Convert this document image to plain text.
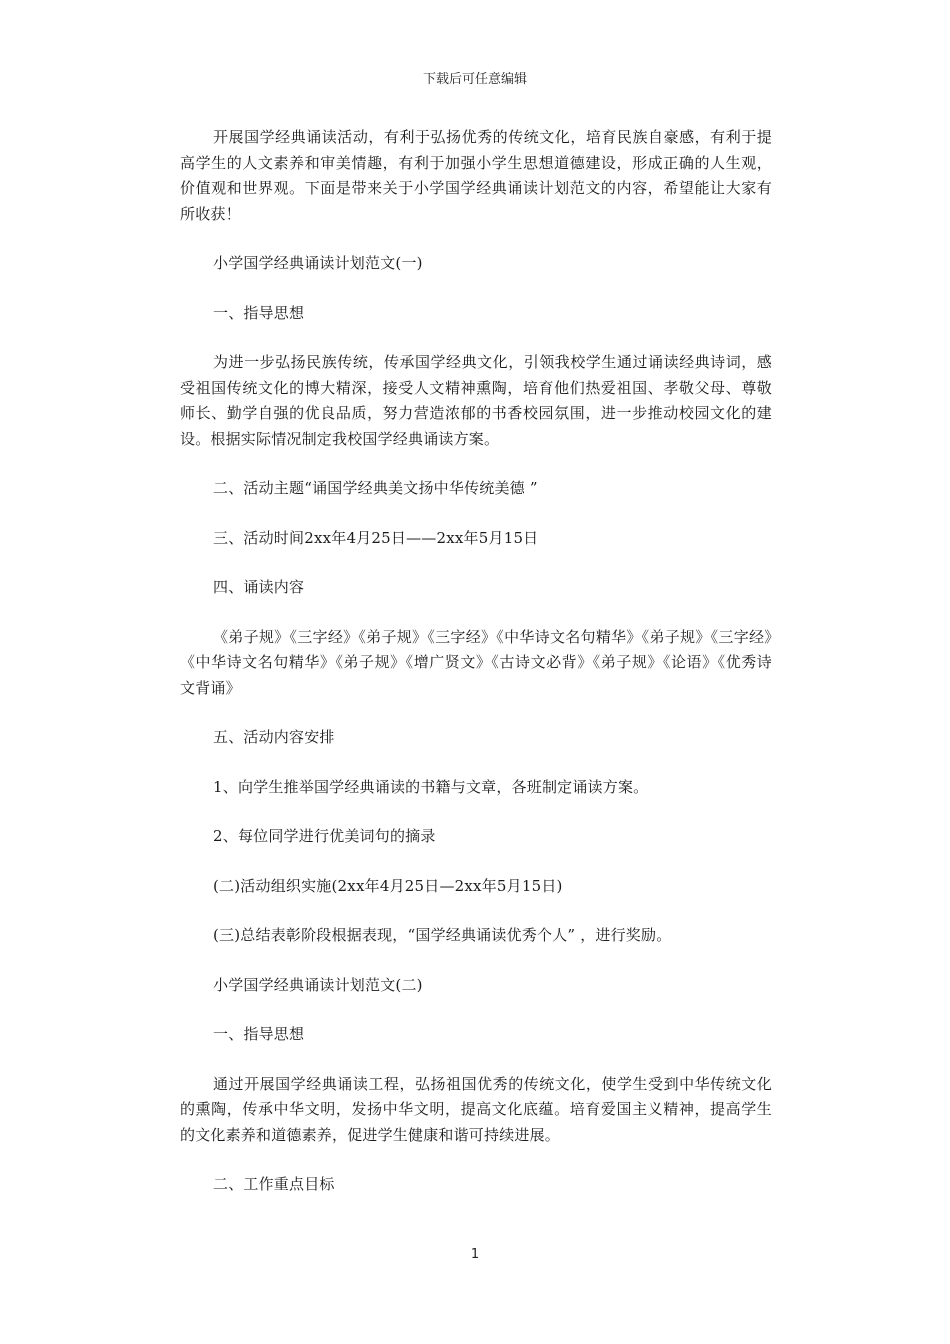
下载后可任意编辑

开展国学经典诵读活动，有利于弘扬优秀的传统文化，培育民族自豪感，有利于提高学生的人文素养和审美情趣，有利于加强小学生思想道德建设，形成正确的人生观，价值观和世界观。下面是带来关于小学国学经典诵读计划范文的内容，希望能让大家有所收获！

小学国学经典诵读计划范文(一)

一、指导思想

为进一步弘扬民族传统，传承国学经典文化，引领我校学生通过诵读经典诗词，感受祖国传统文化的博大精深，接受人文精神熏陶，培育他们热爱祖国、孝敬父母、尊敬师长、勤学自强的优良品质，努力营造浓郁的书香校园氛围，进一步推动校园文化的建设。根据实际情况制定我校国学经典诵读方案。

二、活动主题“诵国学经典美文扬中华传统美德 ”

三、活动时间2xx年4月25日——2xx年5月15日

四、诵读内容

《弟子规》《三字经》《弟子规》《三字经》《中华诗文名句精华》《弟子规》《三字经》《中华诗文名句精华》《弟子规》《增广贤文》《古诗文必背》《弟子规》《论语》《优秀诗文背诵》

五、活动内容安排

1、向学生推举国学经典诵读的书籍与文章，各班制定诵读方案。

2、每位同学进行优美词句的摘录

(二)活动组织实施(2xx年4月25日—2xx年5月15日)

(三)总结表彰阶段根据表现，“国学经典诵读优秀个人” ，进行奖励。

小学国学经典诵读计划范文(二)

一、指导思想

通过开展国学经典诵读工程，弘扬祖国优秀的传统文化，使学生受到中华传统文化的熏陶，传承中华文明，发扬中华文明，提高文化底蕴。培育爱国主义精神，提高学生的文化素养和道德素养，促进学生健康和谐可持续进展。

二、工作重点目标

1
